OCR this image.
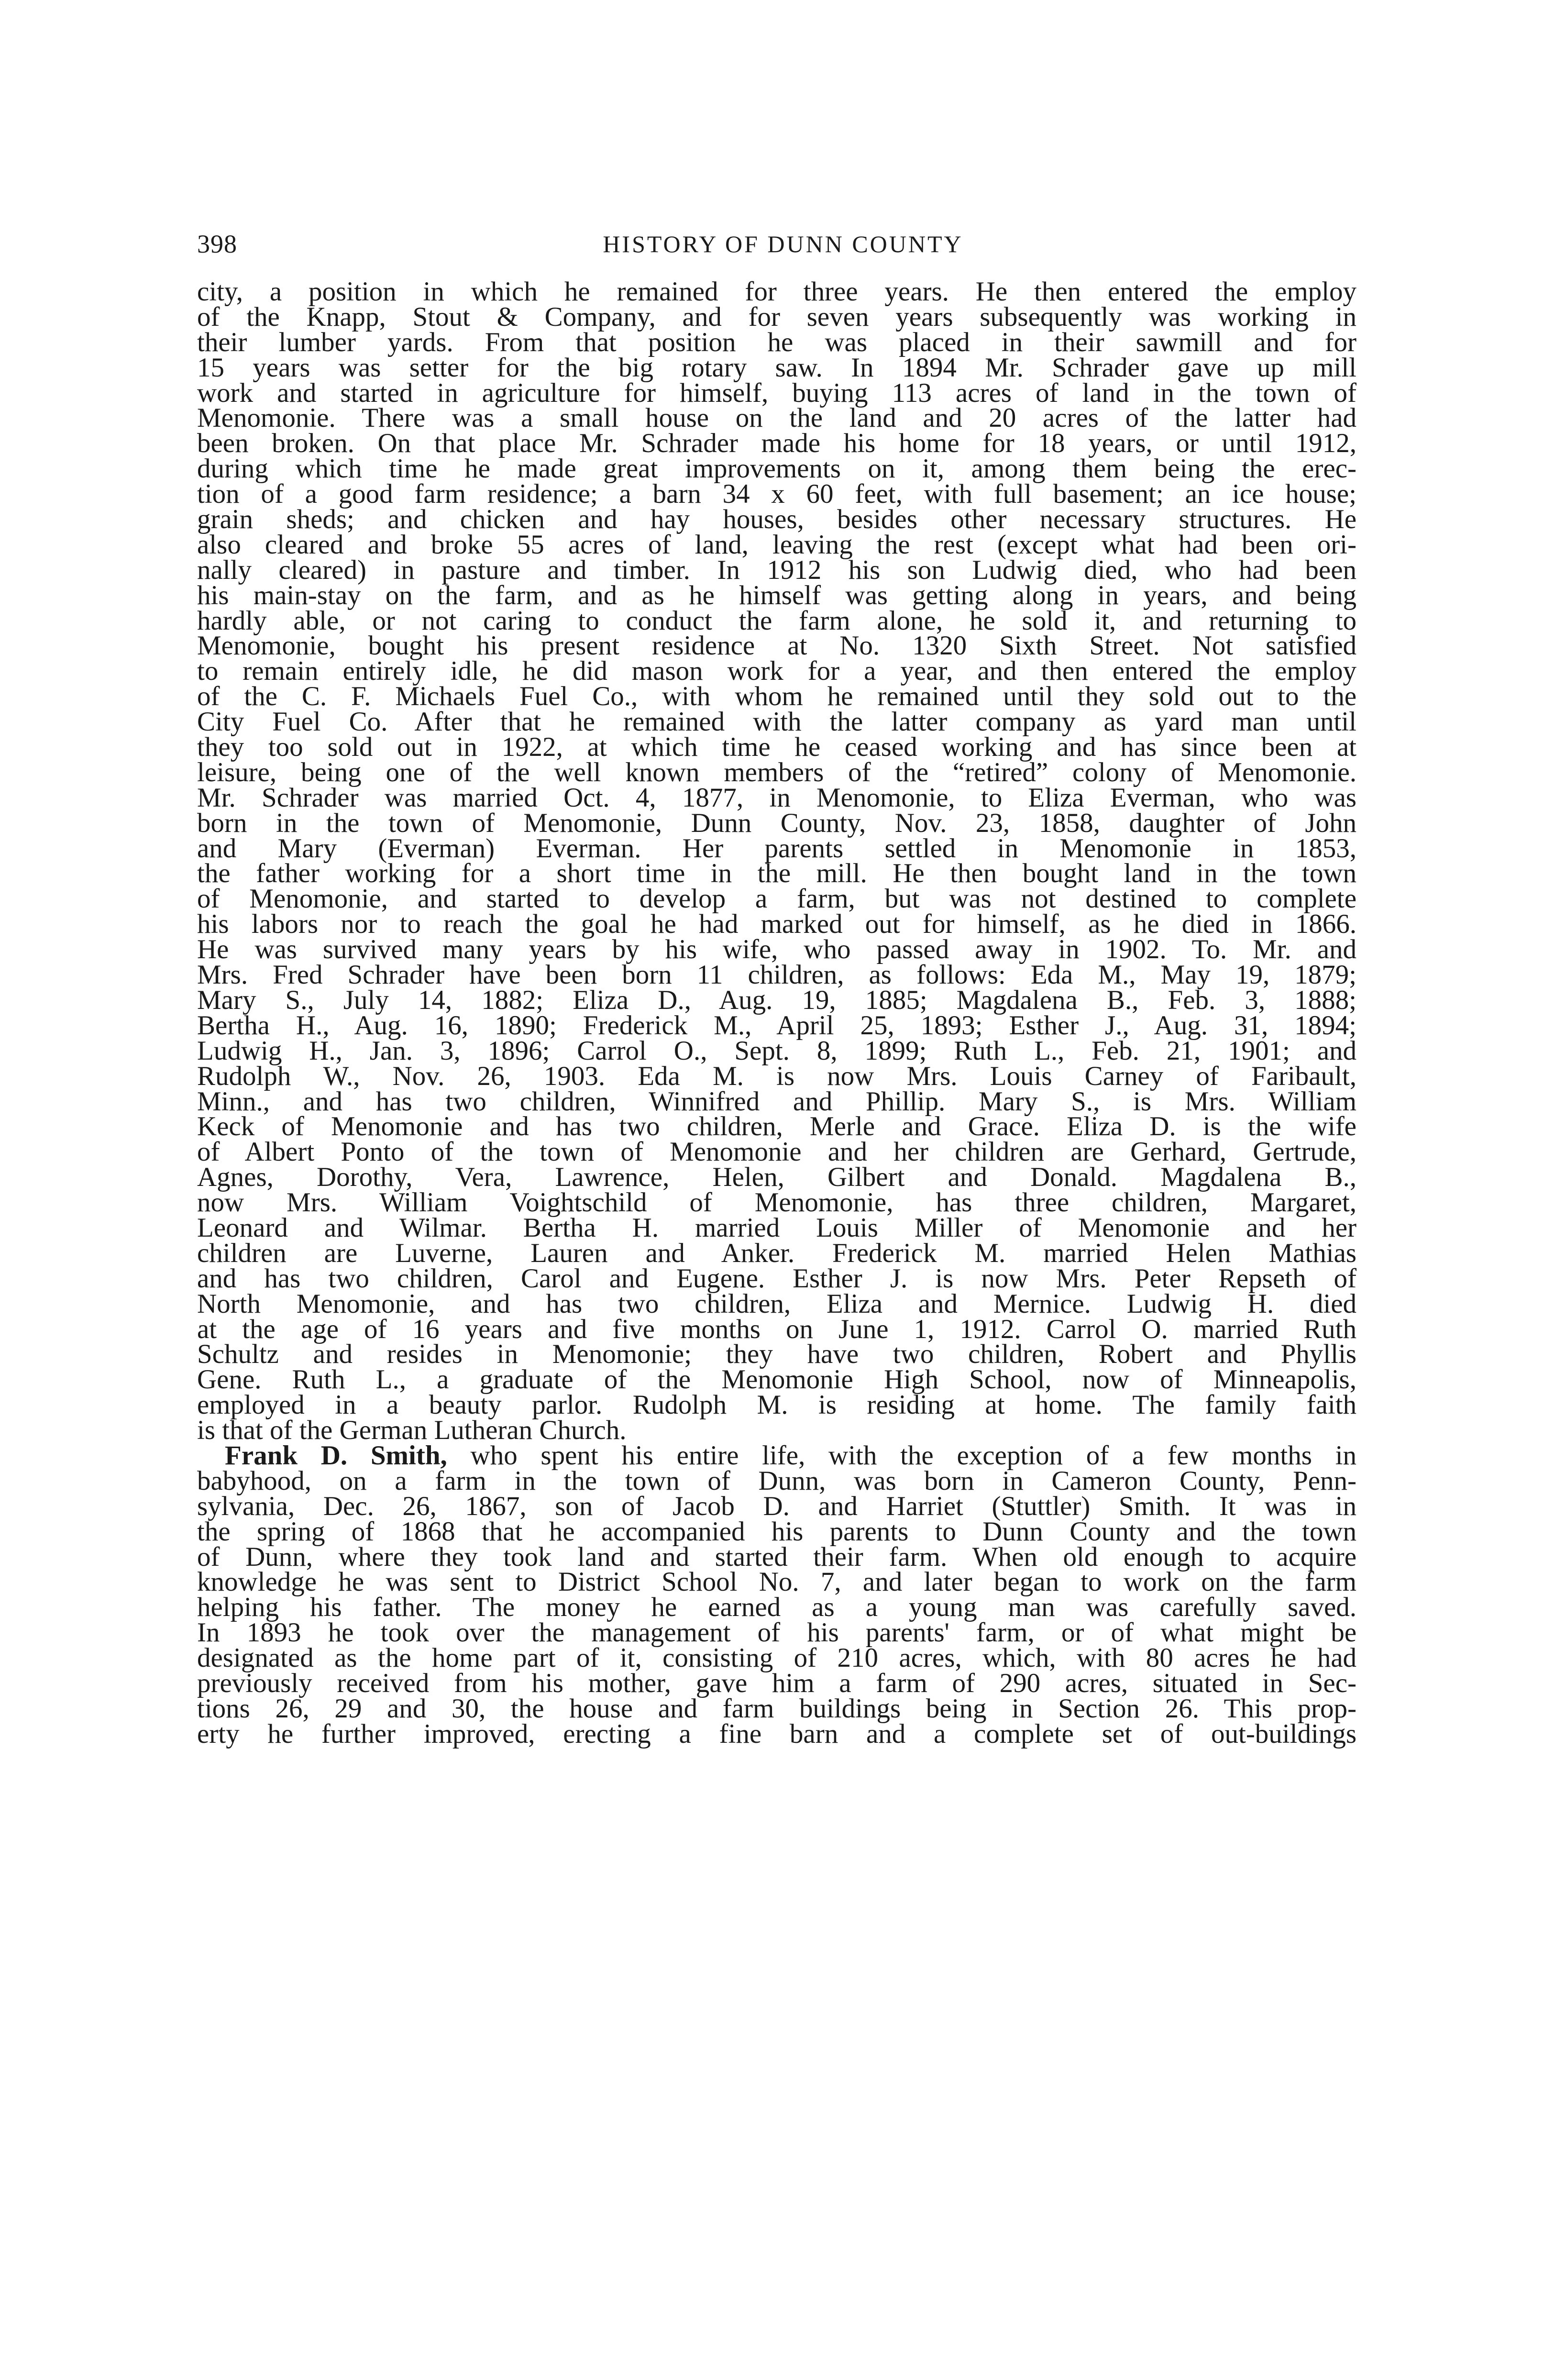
398	HISTORY OF DUNN COUNTY
city, a position in which he remained for three years. He then entered the employ
of the Knapp, Stout & Company, and for seven years subsequently was working in
their lumber yards. From that position he was placed in their sawmill and for
15 years was setter for the big rotary saw. In 1894 Mr. Schrader gave up mill
work and started in agriculture for himself, buying 113 acres of land in the town of
Menomonie. There was a small house on the land and 20 acres of the latter had
been broken. On that place Mr. Schrader made his home for 18 years, or until 1912,
during which time he made great improvements on it, among them being the erec-
tion of a good farm residence; a barn 34 x 60 feet, with full basement; an ice house;
grain sheds; and chicken and hay houses, besides other necessary structures. He
also cleared and broke 55 acres of land, leaving the rest (except what had been ori-
nally cleared) in pasture and timber. In 1912 his son Ludwig died, who had been
his main-stay on the farm, and as he himself was getting along in years, and being
hardly able, or not caring to conduct the farm alone, he sold it, and returning to
Menomonie, bought his present residence at No. 1320 Sixth Street. Not satisfied
to remain entirely idle, he did mason work for a year, and then entered the employ
of the C. F. Michaels Fuel Co., with whom he remained until they sold out to the
City Fuel Co. After that he remained with the latter company as yard man until
they too sold out in 1922, at which time he ceased working and has since been at
leisure, being one of the well known members of the “retired” colony of Menomonie.
Mr. Schrader was married Oct. 4, 1877, in Menomonie, to Eliza Everman, who was
born in the town of Menomonie, Dunn County, Nov. 23, 1858, daughter of John
and Mary (Everman) Everman. Her parents settled in Menomonie in 1853,
the father working for a short time in the mill. He then bought land in the town
of Menomonie, and started to develop a farm, but was not destined to complete
his labors nor to reach the goal he had marked out for himself, as he died in 1866.
He was survived many years by his wife, who passed away in 1902. To. Mr. and
Mrs. Fred Schrader have been born 11 children, as follows: Eda M., May 19, 1879;
Mary S., July 14, 1882; Eliza D., Aug. 19, 1885; Magdalena B., Feb. 3, 1888;
Bertha H., Aug. 16, 1890; Frederick M., April 25, 1893; Esther J., Aug. 31, 1894;
Ludwig H., Jan. 3, 1896; Carrol O., Sept. 8, 1899; Ruth L., Feb. 21, 1901; and
Rudolph W., Nov. 26, 1903. Eda M. is now Mrs. Louis Carney of Faribault,
Minn., and has two children, Winnifred and Phillip. Mary S., is Mrs. William
Keck of Menomonie and has two children, Merle and Grace. Eliza D. is the wife
of Albert Ponto of the town of Menomonie and her children are Gerhard, Gertrude,
Agnes, Dorothy, Vera, Lawrence, Helen, Gilbert and Donald. Magdalena B.,
now Mrs. William Voightschild of Menomonie, has three children, Margaret,
Leonard and Wilmar. Bertha H. married Louis Miller of Menomonie and her
children are Luverne, Lauren and Anker. Frederick M. married Helen Mathias
and has two children, Carol and Eugene. Esther J. is now Mrs. Peter Repseth of
North Menomonie, and has two children, Eliza and Mernice. Ludwig H. died
at the age of 16 years and five months on June 1, 1912. Carrol O. married Ruth
Schultz and resides in Menomonie; they have two children, Robert and Phyllis
Gene. Ruth L., a graduate of the Menomonie High School, now of Minneapolis,
employed in a beauty parlor. Rudolph M. is residing at home. The family faith
is that of the German Lutheran Church.
Frank D. Smith, who spent his entire life, with the exception of a few months in
babyhood, on a farm in the town of Dunn, was born in Cameron County, Penn-
sylvania, Dec. 26, 1867, son of Jacob D. and Harriet (Stuttler) Smith. It was in
the spring of 1868 that he accompanied his parents to Dunn County and the town
of Dunn, where they took land and started their farm. When old enough to acquire
knowledge he was sent to District School No. 7, and later began to work on the farm
helping his father. The money he earned as a young man was carefully saved.
In 1893 he took over the management of his parents' farm, or of what might be
designated as the home part of it, consisting of 210 acres, which, with 80 acres he had
previously received from his mother, gave him a farm of 290 acres, situated in Sec-
tions 26, 29 and 30, the house and farm buildings being in Section 26. This prop-
erty he further improved, erecting a fine barn and a complete set of out-buildings
